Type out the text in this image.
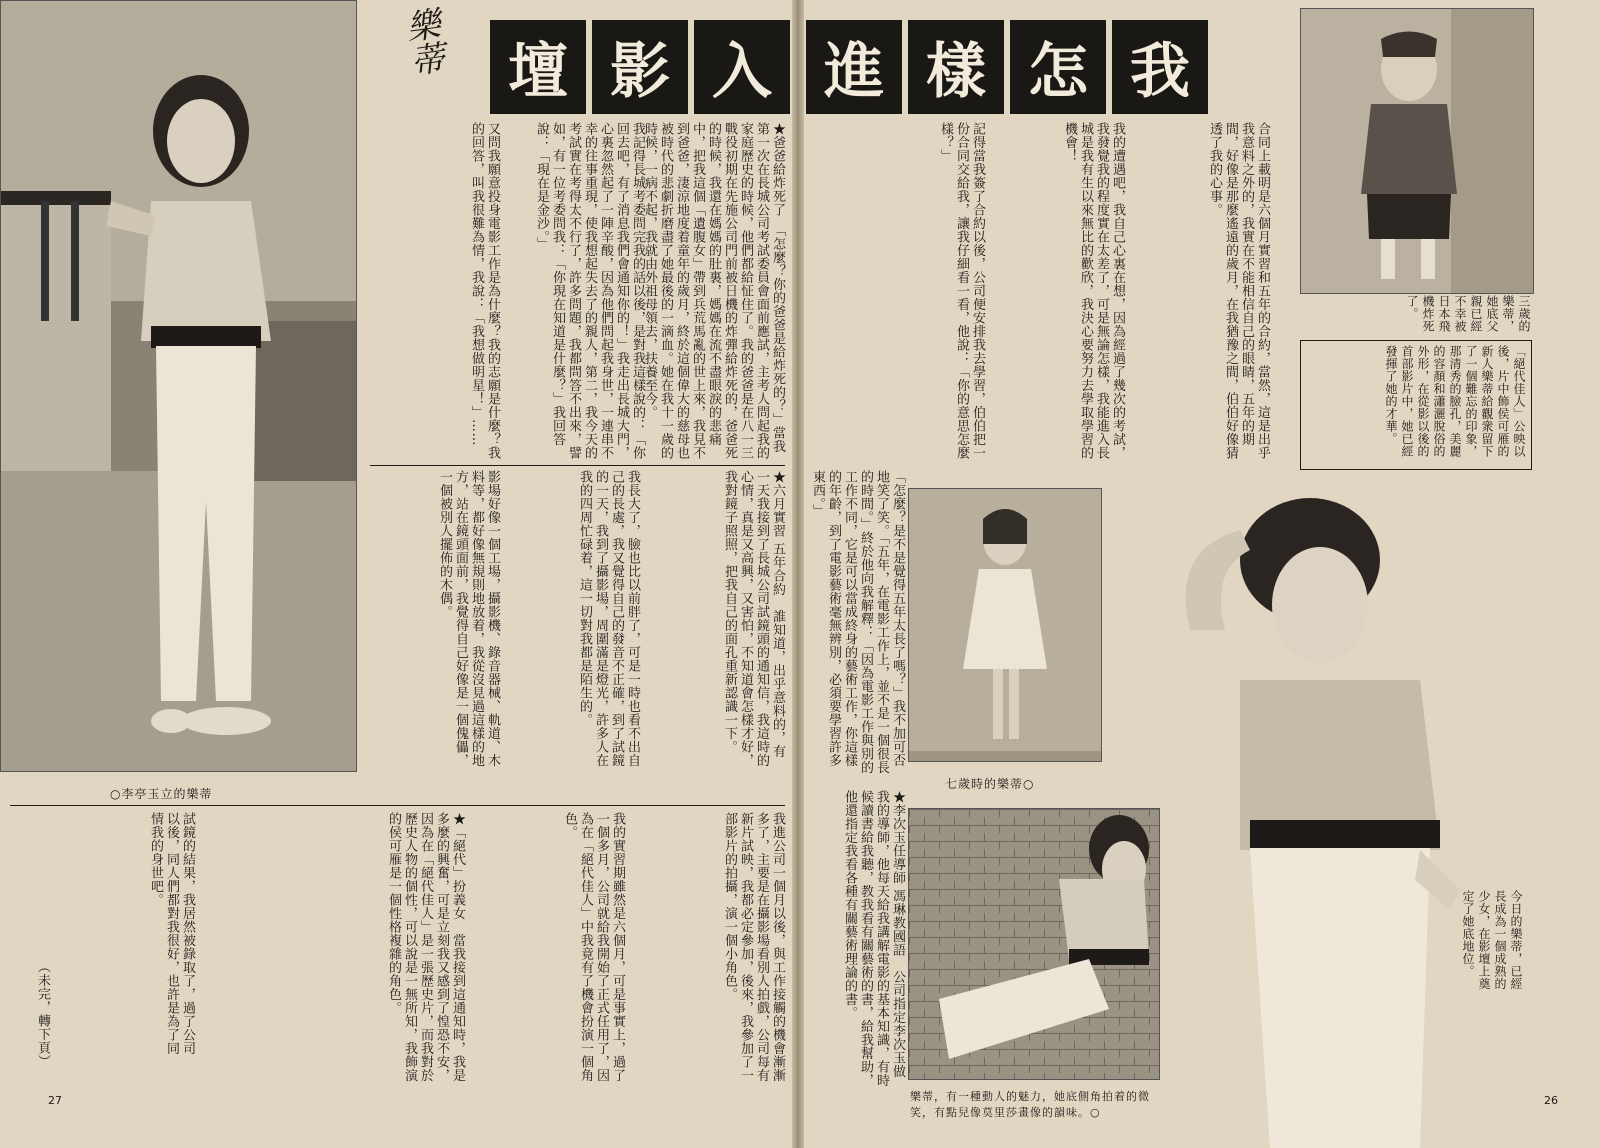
○李亭玉立的樂蒂
樂蒂	壇 影 入 進 樣 怎 我
★爸爸給炸死了　「怎麼？你的爸爸是給炸死的？」當我第一次在長城公司考試委員會面前應試，主考人問起我的家庭歷史的時候，他們都給怔住了。我的爸爸是在八一三戰役初期在先施公司門前被日機的炸彈給炸死的，爸爸死的時候，我還在媽媽的肚裏，媽媽在流不盡眼淚的悲痛中，把我這個「遺腹女」帶到兵荒馬亂的世上來，我見不到爸爸，淒涼地度着童年的歲月，終於這個偉大的慈母也被時代的悲劇折磨盡了她最後的一滴血。她在我十一歲的時候，一病不起，我就由外祖母領去，扶養至今。
我記得長城考委問完我的話以後，是對我這樣說的：「你回去吧，有了消息我們會通知你的！」我走出長城大門，心裏忽然起了一陣辛酸，因為他們問起我身世，一連串不幸的往事重現，使我想起失去了的親人，第二，我今天的考試實在考得太不行了，許多問題，我都問答不出來，譬如，有一位考委問我：「你現在知道是什麼？」我回答說：「現在是金沙。」
又問我願意投身電影工作是為什麼？我的志願是什麼？我的回答，叫我很難為情，我說：「我想做明星！」……
★六月實習 五年合約　誰知道，出乎意料的，有一天我接到了長城公司試鏡頭的通知信，我這時的心情，真是又高興，又害怕，不知道會怎樣才好，我對鏡子照照，把我自己的面孔重新認識一下。
我長大了，臉也比以前胖了，可是一時也看不出自己的長處，我又覺得自己的發音不正確，到了試鏡的一天，我到了攝影場，周圍滿是燈光，許多人在我的四周忙碌着，這一切對我都是陌生的。
影場好像一個工場，攝影機、錄音器械、軌道、木料等，都好像無規則地放着，我從沒見過這樣的地方，站在鏡頭面前，我覺得自己好像是一個傀儡，一個被別人擺佈的木偶。
我進公司一個月以後，與工作接觸的機會漸漸多了，主要是在攝影場看別人拍戲，公司每有新片試映，我都必定參加，後來，我參加了一部影片的拍攝，演一個小角色。
我的實習期雖然是六個月，可是事實上，過了一個多月，公司就給我開始了正式任用了，因為在「絕代佳人」中我竟有了機會扮演一個角色。
★「絕代」扮義女　當我接到這通知時，我是多麼的興奮，可是立刻我又感到了惶恐不安，因為在「絕代佳人」是一張歷史片，而我對於歷史人物的個性，可以說是一無所知，我飾演的侯可雁是一個性格複雜的角色。
試鏡的結果，我居然被錄取了，過了公司以後，同人們都對我很好，也許是為了同情我的身世吧。
（未完，轉下頁）
27
我的遭遇吧，我自己心裏在想，因為經過了幾次的考試，我發覺我的程度實在太差了，可是無論怎樣，我能進入長城是我有生以來無比的歡欣，我決心要努力去學取學習的機會！
記得當我簽了合約以後，公司便安排我去學習，伯伯把一份合同交給我，讓我仔細看一看，他說：「你的意思怎麼樣？」	合同上載明是六個月實習和五年的合約，當然，這是出乎我意料之外的，我實在不能相信自己的眼睛，五年的期間，好像是那麼遙遠的歲月，在我猶豫之間，伯伯好像猜透了我的心事。
三歲的樂蒂，她底父親已經不幸被日本飛機炸死了。
「絕代佳人」公映以後，片中飾侯可雁的新人樂蒂給觀衆留下了一個難忘的印象，那清秀的臉孔，美麗的容顏和瀟灑脫俗的外形，在從影以後的首部影片中，她已經發揮了她的才華。
「怎麼？是不是覺得五年太長了嗎？」我不加可否地笑了笑。「五年，在電影工作上，並不是一個很長的時間。」終於他向我解釋：「因為電影工作與別的工作不同，它是可以當成終身的藝術工作，你這樣的年齡，到了電影藝術毫無辨別，必須要學習許多東西。」
七歲時的樂蒂○
今日的樂蒂，已經長成為一個成熟的少女，在影壇上奠定了她底地位。
樂蒂，有一種動人的魅力，她底側角拍着的微笑，有點兒像莫里莎畫像的韻味。○
★李次玉任導師 馮琳教國語　公司指定李次玉做我的導師，他每天給我講解電影的基本知識，有時候讀書給我聽，教我看有關藝術的書，給我幫助，他還指定我看各種有關藝術理論的書。
26
